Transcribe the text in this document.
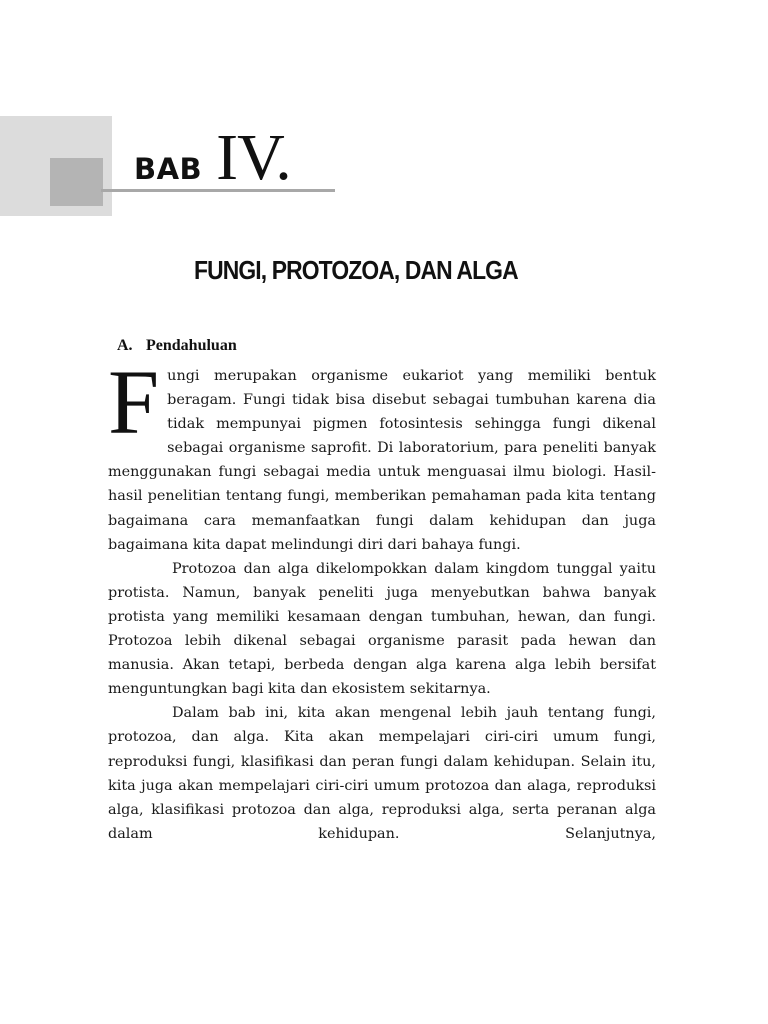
BAB IV.
FUNGI, PROTOZOA, DAN ALGA
A. Pendahuluan

Fungi merupakan organisme eukariot yang memiliki bentuk beragam. Fungi tidak bisa disebut sebagai tumbuhan karena dia tidak mempunyai pigmen fotosintesis sehingga fungi dikenal sebagai organisme saprofit. Di laboratorium, para peneliti banyak menggunakan fungi sebagai media untuk menguasai ilmu biologi. Hasil-hasil penelitian tentang fungi, memberikan pemahaman pada kita tentang bagaimana cara memanfaatkan fungi dalam kehidupan dan juga bagaimana kita dapat melindungi diri dari bahaya fungi.

Protozoa dan alga dikelompokkan dalam kingdom tunggal yaitu protista. Namun, banyak peneliti juga menyebutkan bahwa banyak protista yang memiliki kesamaan dengan tumbuhan, hewan, dan fungi. Protozoa lebih dikenal sebagai organisme parasit pada hewan dan manusia. Akan tetapi, berbeda dengan alga karena alga lebih bersifat menguntungkan bagi kita dan ekosistem sekitarnya.

Dalam bab ini, kita akan mengenal lebih jauh tentang fungi, protozoa, dan alga. Kita akan mempelajari ciri-ciri umum fungi, reproduksi fungi, klasifikasi dan peran fungi dalam kehidupan. Selain itu, kita juga akan mempelajari ciri-ciri umum protozoa dan alaga, reproduksi alga, klasifikasi protozoa dan alga, reproduksi alga, serta peranan alga dalam kehidupan. Selanjutnya,
